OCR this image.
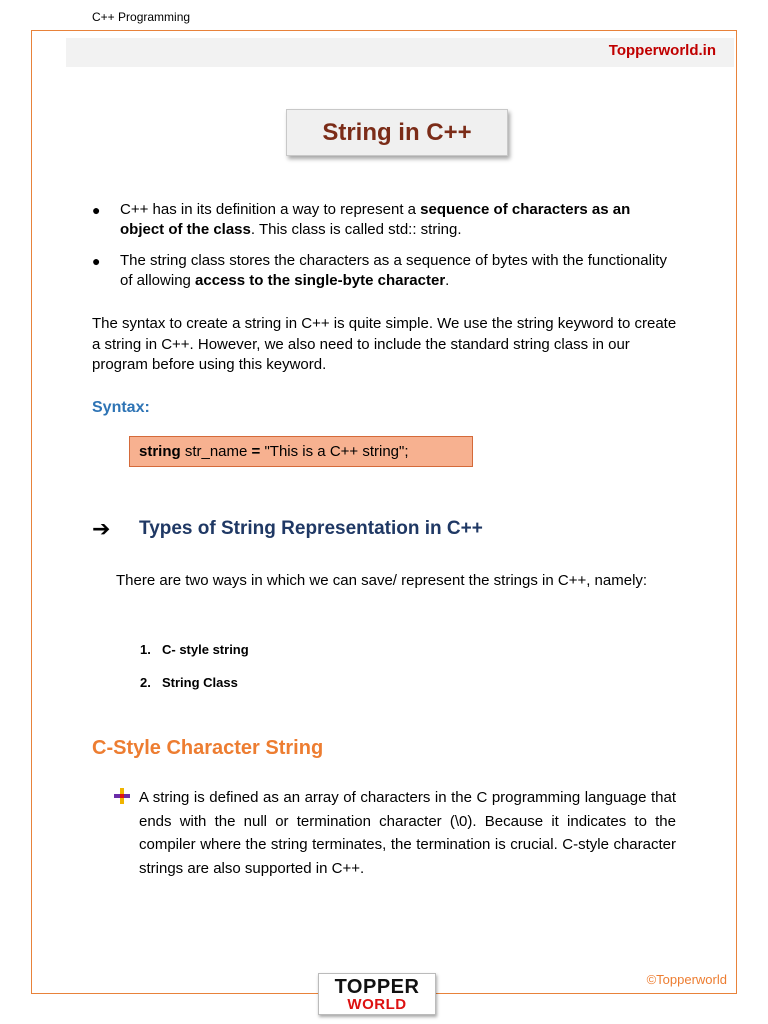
C++ Programming
Topperworld.in
String in C++
●	C++ has in its definition a way to represent a sequence of characters as an object of the class. This class is called std:: string.
●	The string class stores the characters as a sequence of bytes with the functionality of allowing access to the single-byte character.

The syntax to create a string in C++ is quite simple. We use the string keyword to create a string in C++. However, we also need to include the standard string class in our program before using this keyword.

Syntax:
string str_name = "This is a C++ string";
➔	Types of String Representation in C++

There are two ways in which we can save/ represent the strings in C++, namely:

1. C- style string
2. String Class
C-Style Character String

A string is defined as an array of characters in the C programming language that ends with the null or termination character (\0). Because it indicates to the compiler where the string terminates, the termination is crucial. C-style character strings are also supported in C++.

©Topperworld
TOPPER
WORLD
